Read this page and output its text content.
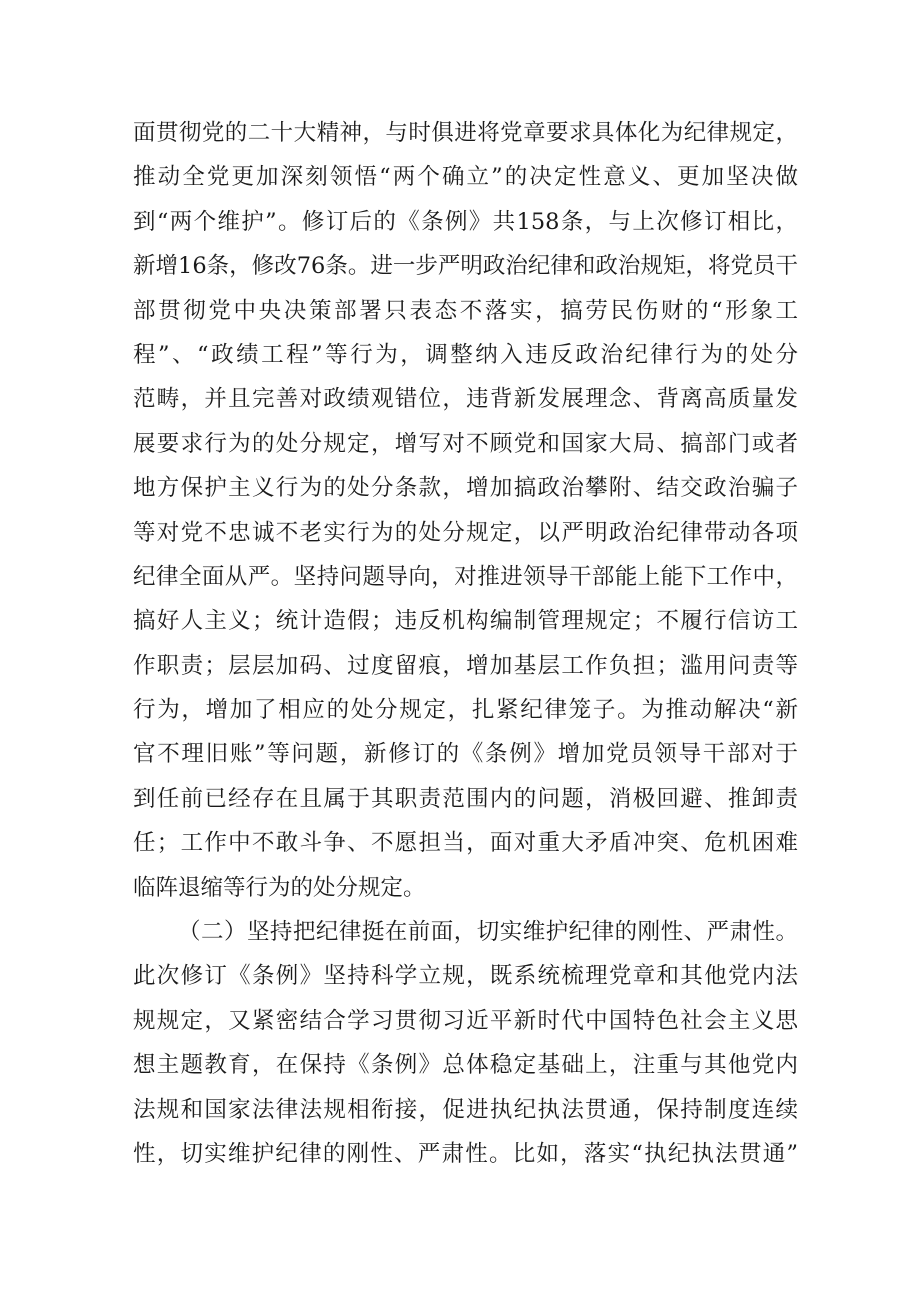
面贯彻党的二十大精神，与时俱进将党章要求具体化为纪律规定，
推动全党更加深刻领悟“两个确立”的决定性意义、更加坚决做
到“两个维护”。修订后的《条例》共158条，与上次修订相比，
新增16条，修改76条。进一步严明政治纪律和政治规矩，将党员干
部贯彻党中央决策部署只表态不落实，搞劳民伤财的“形象工
程”、“政绩工程”等行为，调整纳入违反政治纪律行为的处分
范畴，并且完善对政绩观错位，违背新发展理念、背离高质量发
展要求行为的处分规定，增写对不顾党和国家大局、搞部门或者
地方保护主义行为的处分条款，增加搞政治攀附、结交政治骗子
等对党不忠诚不老实行为的处分规定，以严明政治纪律带动各项
纪律全面从严。坚持问题导向，对推进领导干部能上能下工作中，
搞好人主义；统计造假；违反机构编制管理规定；不履行信访工
作职责；层层加码、过度留痕，增加基层工作负担；滥用问责等
行为，增加了相应的处分规定，扎紧纪律笼子。为推动解决“新
官不理旧账”等问题，新修订的《条例》增加党员领导干部对于
到任前已经存在且属于其职责范围内的问题，消极回避、推卸责
任；工作中不敢斗争、不愿担当，面对重大矛盾冲突、危机困难
临阵退缩等行为的处分规定。
（二）坚持把纪律挺在前面，切实维护纪律的刚性、严肃性。
此次修订《条例》坚持科学立规，既系统梳理党章和其他党内法
规规定，又紧密结合学习贯彻习近平新时代中国特色社会主义思
想主题教育，在保持《条例》总体稳定基础上，注重与其他党内
法规和国家法律法规相衔接，促进执纪执法贯通，保持制度连续
性，切实维护纪律的刚性、严肃性。比如，落实“执纪执法贯通”
